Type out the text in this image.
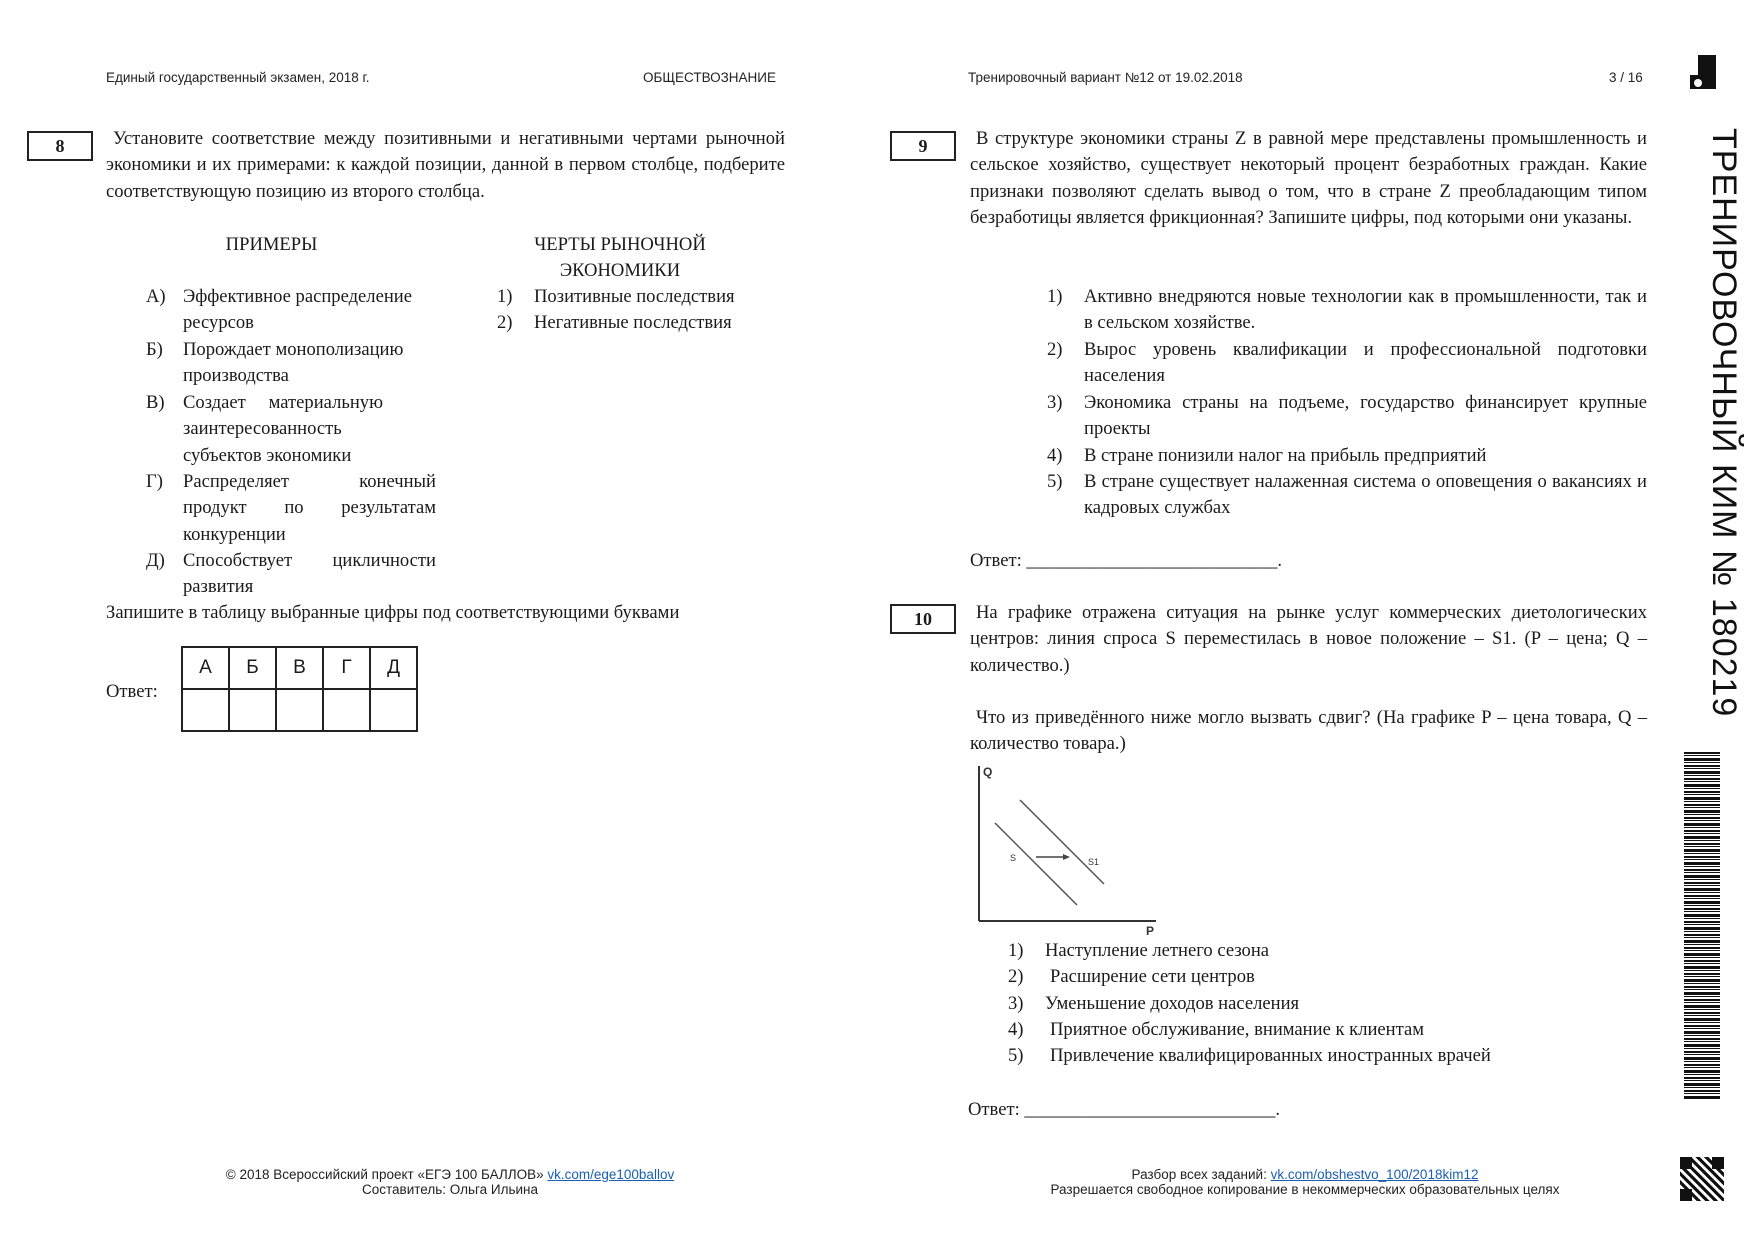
Единый государственный экзамен, 2018 г.	ОБЩЕСТВОЗНАНИЕ	Тренировочный вариант №12 от 19.02.2018	3 / 16
8	Установите соответствие между позитивными и негативными чертами рыночной экономики и их примерами: к каждой позиции, данной в первом столбце, подберите соответствующую позицию из второго столбца.
ПРИМЕРЫ	ЧЕРТЫ РЫНОЧНОЙ
ЭКОНОМИКИ
А) Эффективное распределение ресурсов
Б) Порождает монополизацию производства
В) Создает материальную заинтересованность субъектов экономики
Г) Распределяет конечный продукт по результатам конкуренции
Д) Способствует цикличности развития
1) Позитивные последствия
2) Негативные последствия
Запишите в таблицу выбранные цифры под соответствующими буквами
Ответ:
А	Б	В	Г	Д

9	В структуре экономики страны Z в равной мере представлены промышленность и сельское хозяйство, существует некоторый процент безработных граждан. Какие признаки позволяют сделать вывод о том, что в стране Z преобладающим типом безработицы является фрикционная? Запишите цифры, под которыми они указаны.
1) Активно внедряются новые технологии как в промышленности, так и в сельском хозяйстве.
2) Вырос уровень квалификации и профессиональной подготовки населения
3) Экономика страны на подъеме, государство финансирует крупные проекты
4) В стране понизили налог на прибыль предприятий
5) В стране существует налаженная система о оповещения о вакансиях и кадровых службах
Ответ: ___________________________.
10	На графике отражена ситуация на рынке услуг коммерческих диетологических центров: линия спроса S переместилась в новое положение – S1. (P – цена; Q – количество.)
Что из приведённого ниже могло вызвать сдвиг? (На графике P – цена товара, Q – количество товара.)
Q
P
S	S1
1) Наступление летнего сезона
2) Расширение сети центров
3) Уменьшение доходов населения
4) Приятное обслуживание, внимание к клиентам
5) Привлечение квалифицированных иностранных врачей
Ответ: ___________________________.
© 2018 Всероссийский проект «ЕГЭ 100 БАЛЛОВ» vk.com/ege100ballov
Составитель: Ольга Ильина
Разбор всех заданий: vk.com/obshestvo_100/2018kim12
Разрешается свободное копирование в некоммерческих образовательных целях
ТРЕНИРОВОЧНЫЙ КИМ № 180219
